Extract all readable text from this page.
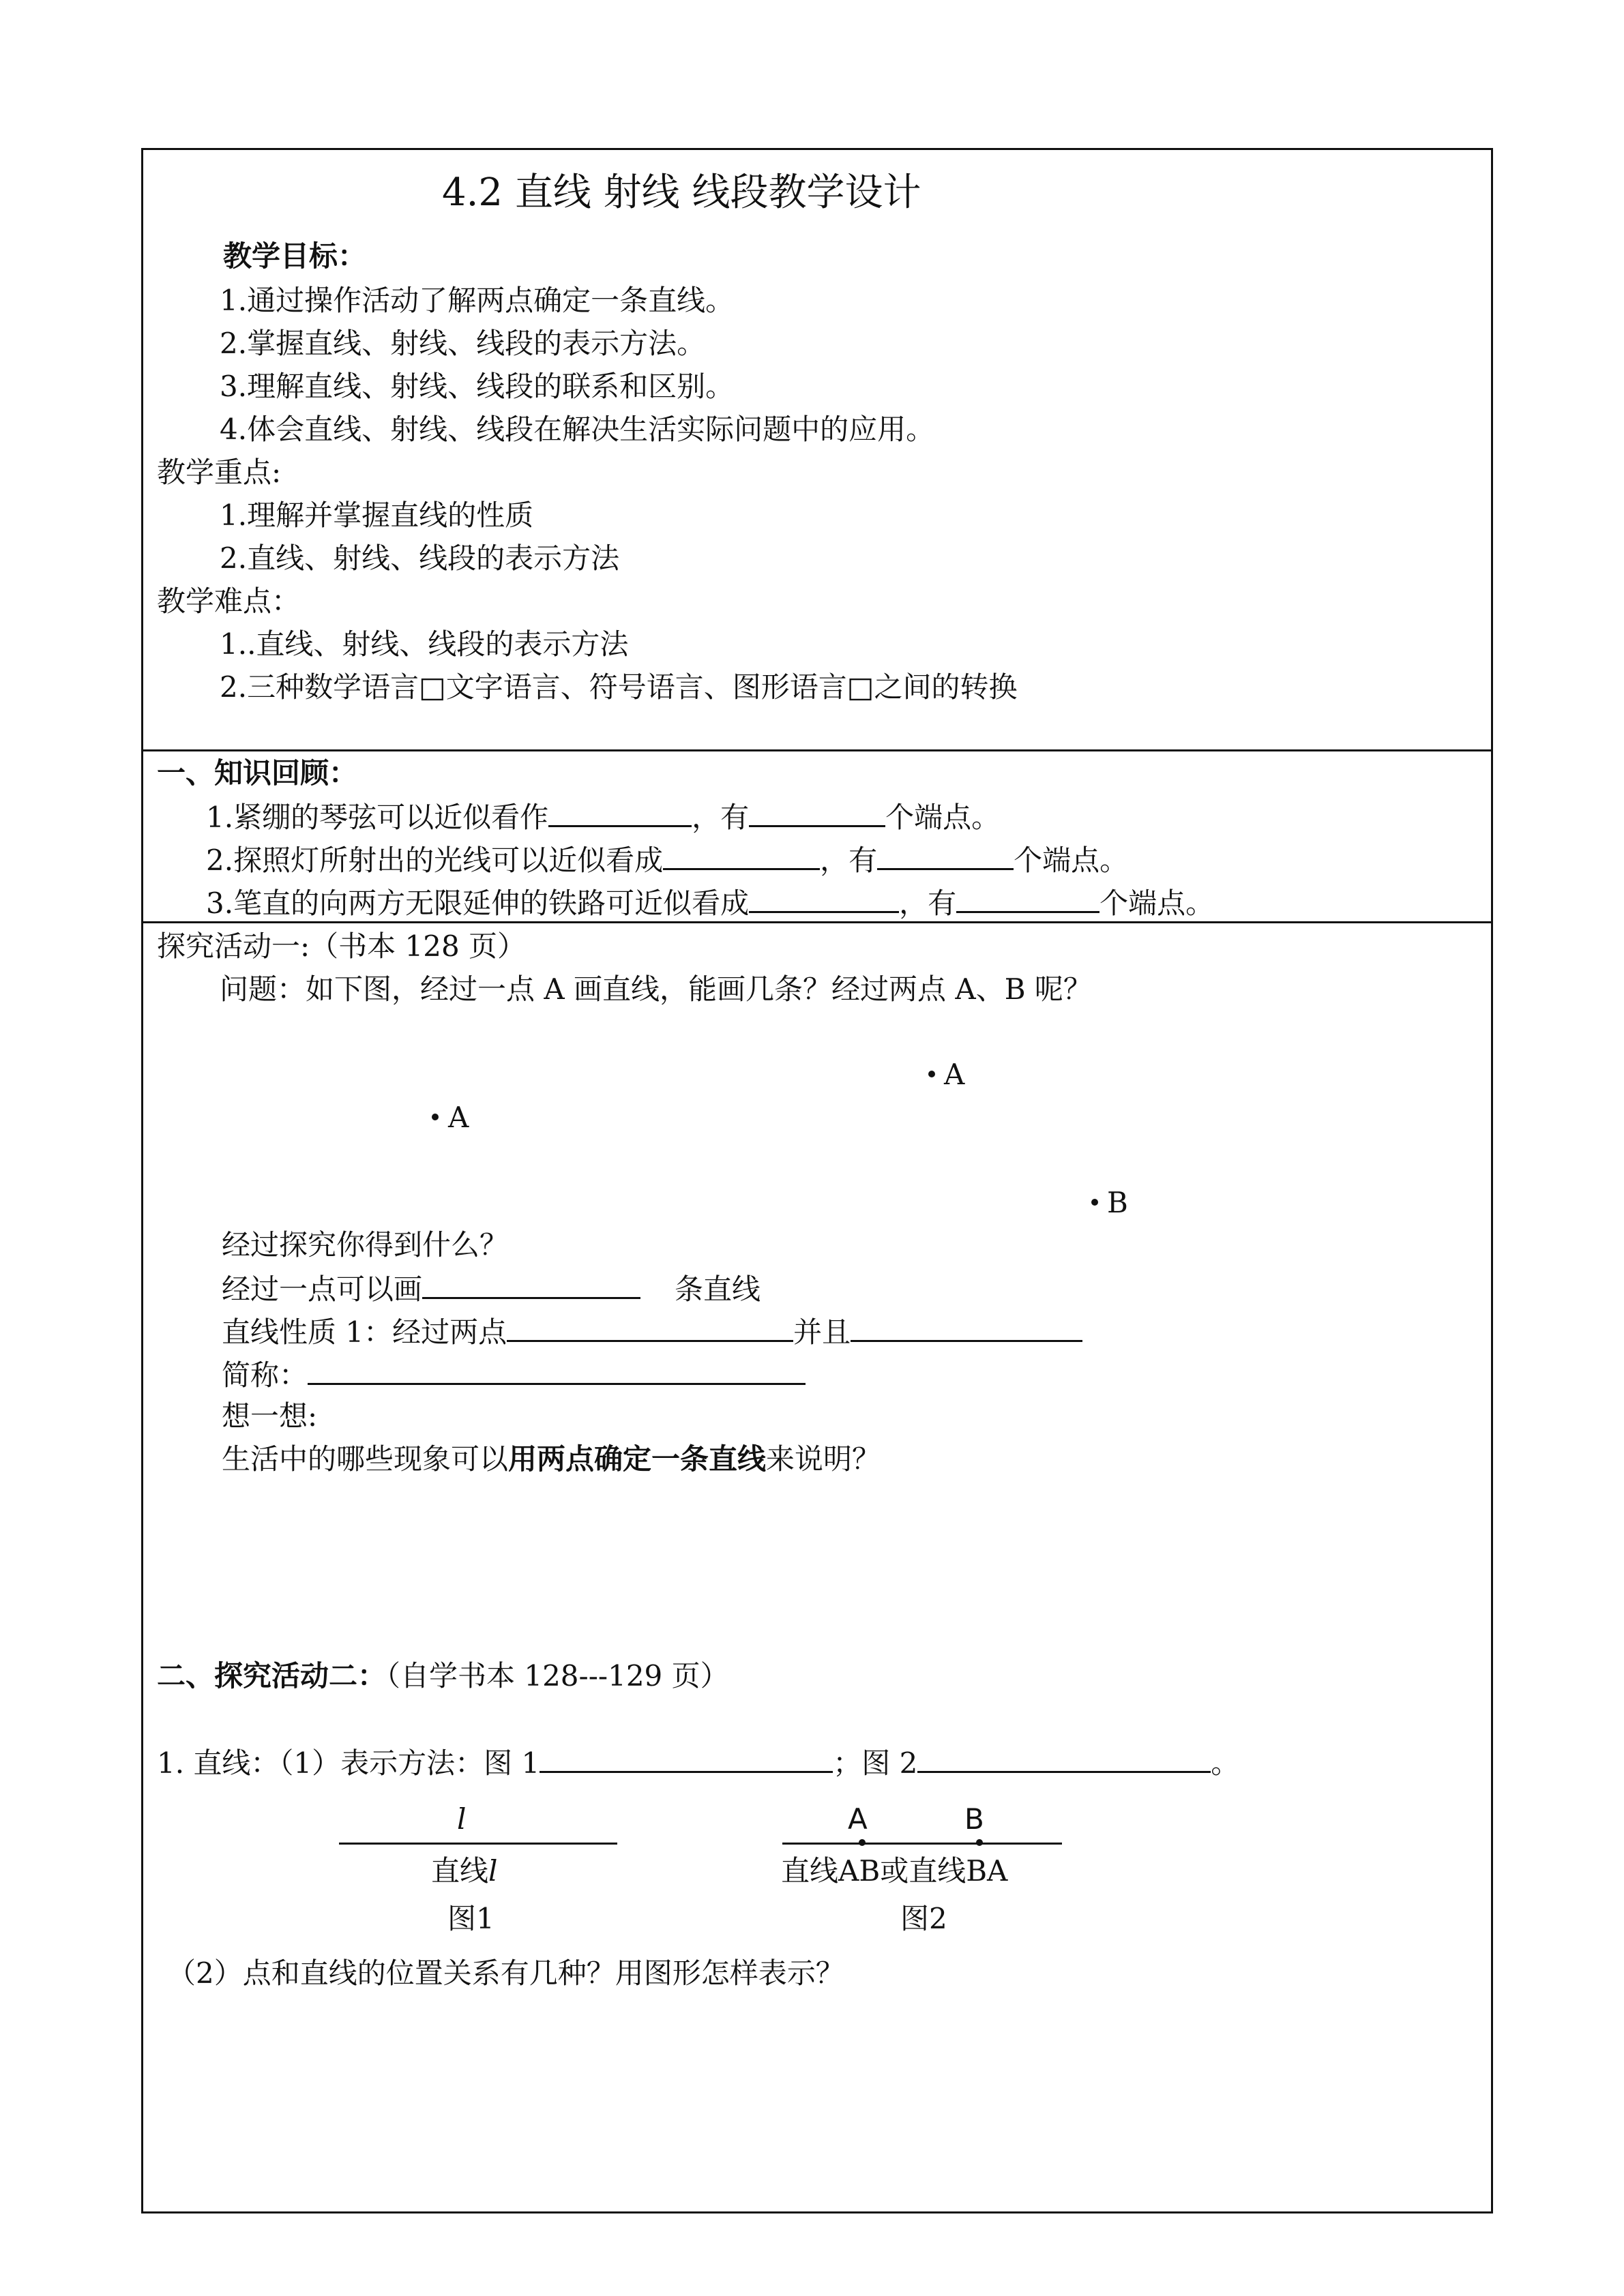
4.2 直线 射线 线段教学设计
教学目标：
1.通过操作活动了解两点确定一条直线。
2.掌握直线、射线、线段的表示方法。
3.理解直线、射线、线段的联系和区别。
4.体会直线、射线、线段在解决生活实际问题中的应用。
教学重点:
1.理解并掌握直线的性质
2.直线、射线、线段的表示方法
教学难点：
1..直线、射线、线段的表示方法
2.三种数学语言□文字语言、符号语言、图形语言□之间的转换
一、知识回顾：
1.紧绷的琴弦可以近似看作	，有	个端点。
2.探照灯所射出的光线可以近似看成	，有	个端点。
3.笔直的向两方无限延伸的铁路可近似看成	，有	个端点。
探究活动一:（书本 128 页）
问题：如下图，经过一点 A 画直线，能画几条？经过两点 A、B 呢？
A
A
B
经过探究你得到什么？
经过一点可以画	条直线
直线性质 1：经过两点	并且
简称：
想一想:
生活中的哪些现象可以用两点确定一条直线来说明？
二、探究活动二：（自学书本 128---129 页）
1. 直线：（1）表示方法：图 1	；图 2	。
l
直线l
图1
A	B
直线AB或直线BA
图2
（2）点和直线的位置关系有几种？用图形怎样表示？
